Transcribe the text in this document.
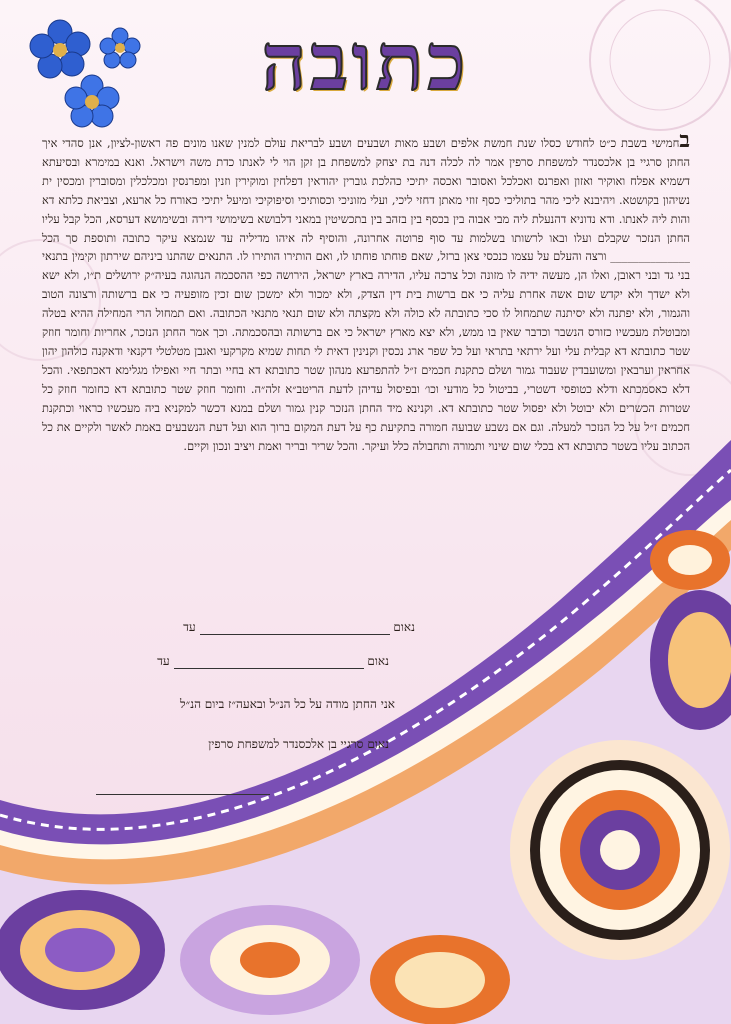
כתובה
בחמישי בשבת כ״ט לחודש כסלו שנת חמשת אלפים ושבע מאות ושבעים ושבע לבריאת עולם למנין שאנו מונים פה ראשון-לציון, אנן סהדי איך החתן סרגיי בן אלכסנדר למשפחת סרפין אמר לה לכלה דנה בת יצחק למשפחת בן זקן הוי לי לאנתו כדת משה וישראל. ואנא במימרא ובסיעתא דשמיא אפלח ואוקיר ואזון ואפרנס ואכלכל ואסובר ואכסה יתיכי כהלכת גוברין יהודאין דפלחין ומוקירין וזנין ומפרנסין ומכלכלין ומסוברין ומכסין ית נשיהון בקושטא. ויהיבנא ליכי מהר בתוליכי כסף זוזי מאתן דחזי ליכי, ועלי מזוניכי וכסותיכי וסיפוקיכי ומיעל יתיכי כאורח כל ארעא, וצביאת כלתא דא והות ליה לאנתו. ודא נדוניא דהנעלת ליה מבי אבוה בין בכסף בין בזהב בין בתכשיטין במאני דלבושא בשימושי דירה ובשימושא דערסא, הכל קבל עליו החתן הנזכר שקבלם ועלו ובאו לרשותו בשלמות עד סוף פרוטה אחרונה, והוסיף לה איהו מדיליה עד שנמצא עיקר כתובה ותוספת סך הכל ______________ ורצה והעלם על עצמו כנכסי צאן ברזל, שאם פוחתו פוחתו לו, ואם הותירו הותירו לו. התנאים שהתנו ביניהם שירתון וקימין בתנאי בני גד ובני ראובן, ואלו הן, מעשה ידיה לו מזונה וכל צרכה עליו, הדירה בארץ ישראל, הירושה כפי ההסכמה הנהוגה בעיה״ק ירושלים ת״ו, ולא ישא ולא ישדך ולא יקדש שום אשה אחרת עליה כי אם ברשות בית דין הצדק, ולא ימכור ולא ימשכן שום זכין מזופעיה כי אם ברשותה ורצונה הטוב והגמור, ולא יפתנה ולא יסיתנה שתמחול לו סכי כתובתה לא כולה ולא מקצתה ולא שום תנאי מתנאי הכתובה. ואם תמחול הרי המחילה ההיא בטלה ומבוטלת מעכשיו כזורס הנשבר וכדבר שאין בו ממש, ולא יצא מארץ ישראל כי אם ברשותה ובהסכמתה. וכך אמר החתן הנזכר, אחריות וחומר חוזק שטר כתובתא דא קבלית עלי ועל ירתאי בתראי ועל כל שפר ארג נכסין וקנינין דאית לי תחות שמיא מקרקעי ואגבן מטלטלי דקנאי ודאקנה כולהון יהון אחראין וערבאין ומשועבדין שעבוד גמור ושלם כתקנת חכמים ז״ל להתפרעא מנהון שטר כתובתא דא בחיי ובתר חיי ואפילו מגלימא דאכתפאי. והכל דלא כאסמכתא ודלא כטופסי דשטרי, בביטול כל מודעי וכו׳ ובפיסול עדיהן לדעת הריטב״א זלה״ה. וחומר חוזק שטר כתובתא דא כחומר חוזק כל שטרות הכשרים ולא יבוטל ולא יפסול שטר כתובתא דא. וקנינא מיד החתן הנזכר קנין גמור ושלם במנא דכשר למקניא ביה מעכשיו כראוי וכתקנת חכמים ז״ל על כל הנזכר למעלה. וגם אם נשבע שבועה חמורה בתקיעת כף על דעת המקום ברוך הוא ועל דעת הנשבעים באמת לאשר ולקיים את כל הכתוב עליו בשטר כתובתא דא בכלי שום שינוי ותמורה ותחבולה כלל ועיקר. והכל שריר ובריר ואמת ויציב ונכון וקיים.
נאום  עד
נאום  עד
אני החתן מודה על כל הנ״ל ובאעה״ז ביום הנ״ל
נאום סרגיי בן אלכסנדר למשפחת סרפין
